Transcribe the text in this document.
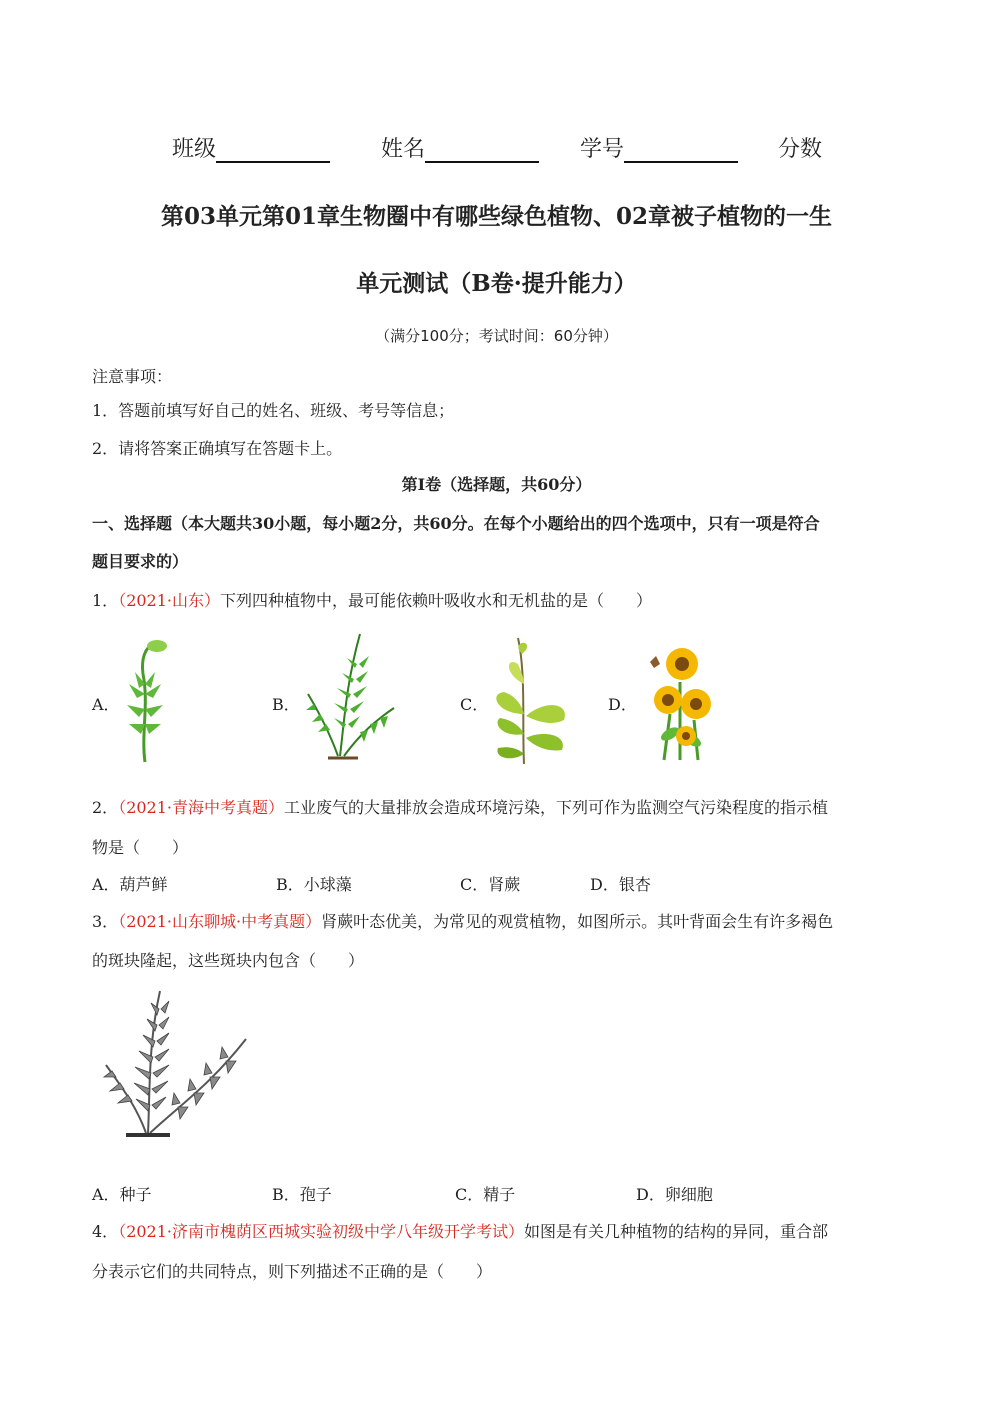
班级	姓名	学号	分数
第03单元第01章生物圈中有哪些绿色植物、02章被子植物的一生
单元测试（B卷·提升能力）
（满分100分；考试时间：60分钟）
注意事项：
1．答题前填写好自己的姓名、班级、考号等信息；
2．请将答案正确填写在答题卡上。
第I卷（选择题，共60分）
一、选择题（本大题共30小题，每小题2分，共60分。在每个小题给出的四个选项中，只有一项是符合
题目要求的）
1．（2021·山东）下列四种植物中，最可能依赖叶吸收水和无机盐的是（　　）
A．	B．	C．	D．
2．（2021·青海中考真题）工业废气的大量排放会造成环境污染，下列可作为监测空气污染程度的指示植
物是（　　）
A．葫芦鲜	B．小球藻	C．肾蕨	D．银杏
3．（2021·山东聊城·中考真题）肾蕨叶态优美，为常见的观赏植物，如图所示。其叶背面会生有许多褐色
的斑块隆起，这些斑块内包含（　　）
A．种子	B．孢子	C．精子	D．卵细胞
4．（2021·济南市槐荫区西城实验初级中学八年级开学考试）如图是有关几种植物的结构的异同，重合部
分表示它们的共同特点，则下列描述不正确的是（　　）
